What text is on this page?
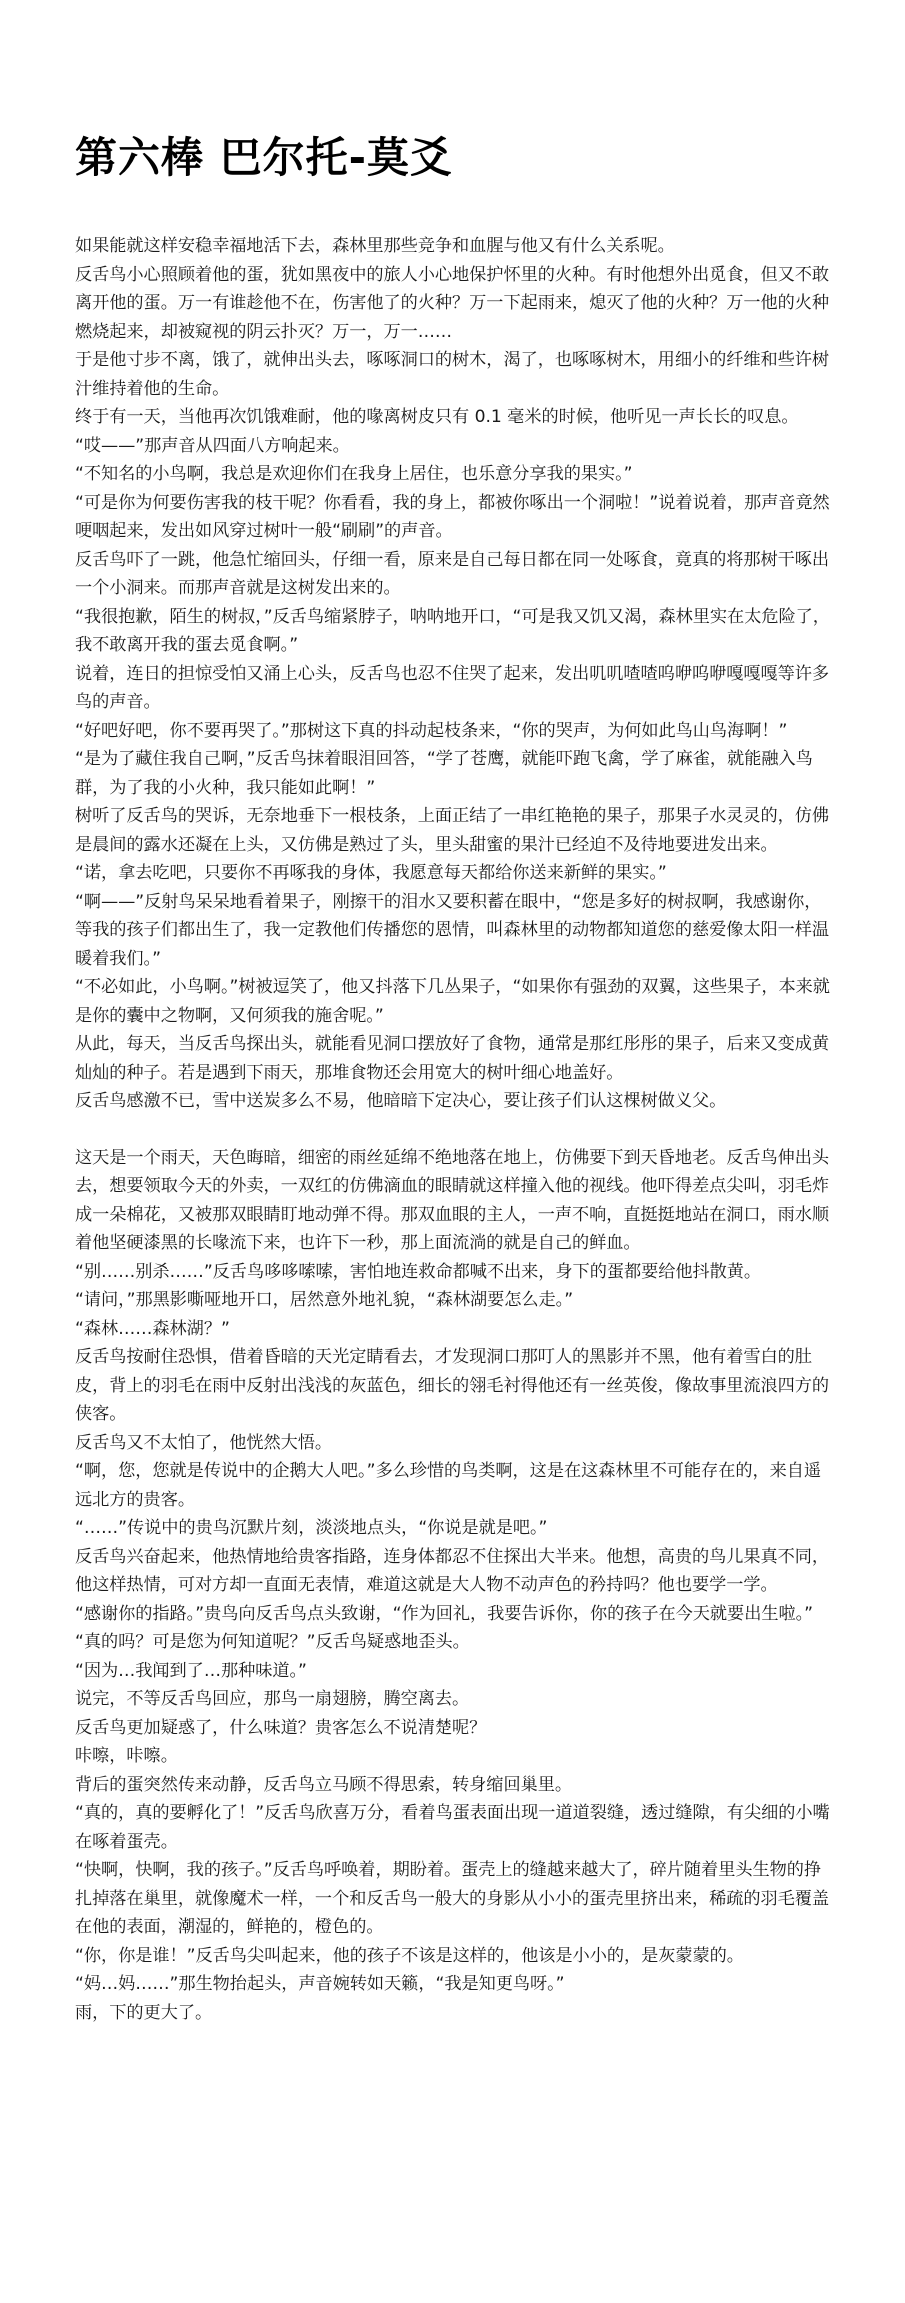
第六棒 巴尔托-莫爻

如果能就这样安稳幸福地活下去，森林里那些竞争和血腥与他又有什么关系呢。

反舌鸟小心照顾着他的蛋，犹如黑夜中的旅人小心地保护怀里的火种。有时他想外出觅食，但又不敢离开他的蛋。万一有谁趁他不在，伤害他了的火种？万一下起雨来，熄灭了他的火种？万一他的火种燃烧起来，却被窥视的阴云扑灭？万一，万一……

于是他寸步不离，饿了，就伸出头去，啄啄洞口的树木，渴了，也啄啄树木，用细小的纤维和些许树汁维持着他的生命。

终于有一天，当他再次饥饿难耐，他的喙离树皮只有 0.1 毫米的时候，他听见一声长长的叹息。

“哎——”那声音从四面八方响起来。

“不知名的小鸟啊，我总是欢迎你们在我身上居住，也乐意分享我的果实。”

“可是你为何要伤害我的枝干呢？你看看，我的身上，都被你啄出一个洞啦！”说着说着，那声音竟然哽咽起来，发出如风穿过树叶一般“刷刷”的声音。

反舌鸟吓了一跳，他急忙缩回头，仔细一看，原来是自己每日都在同一处啄食，竟真的将那树干啄出一个小洞来。而那声音就是这树发出来的。

“我很抱歉，陌生的树叔，”反舌鸟缩紧脖子，呐呐地开口，“可是我又饥又渴，森林里实在太危险了，我不敢离开我的蛋去觅食啊。”

说着，连日的担惊受怕又涌上心头，反舌鸟也忍不住哭了起来，发出叽叽喳喳呜咿呜咿嘎嘎嘎等许多鸟的声音。

“好吧好吧，你不要再哭了。”那树这下真的抖动起枝条来，“你的哭声，为何如此鸟山鸟海啊！”

“是为了藏住我自己啊，”反舌鸟抹着眼泪回答，“学了苍鹰，就能吓跑飞禽，学了麻雀，就能融入鸟群，为了我的小火种，我只能如此啊！”

树听了反舌鸟的哭诉，无奈地垂下一根枝条，上面正结了一串红艳艳的果子，那果子水灵灵的，仿佛是晨间的露水还凝在上头，又仿佛是熟过了头，里头甜蜜的果汁已经迫不及待地要进发出来。

“诺，拿去吃吧，只要你不再啄我的身体，我愿意每天都给你送来新鲜的果实。”

“啊——”反射鸟呆呆地看着果子，刚擦干的泪水又要积蓄在眼中，“您是多好的树叔啊，我感谢你，等我的孩子们都出生了，我一定教他们传播您的恩情，叫森林里的动物都知道您的慈爱像太阳一样温暖着我们。”

“不必如此，小鸟啊。”树被逗笑了，他又抖落下几丛果子，“如果你有强劲的双翼，这些果子，本来就是你的囊中之物啊，又何须我的施舍呢。”

从此，每天，当反舌鸟探出头，就能看见洞口摆放好了食物，通常是那红彤彤的果子，后来又变成黄灿灿的种子。若是遇到下雨天，那堆食物还会用宽大的树叶细心地盖好。

反舌鸟感激不已，雪中送炭多么不易，他暗暗下定决心，要让孩子们认这棵树做义父。

这天是一个雨天，天色晦暗，细密的雨丝延绵不绝地落在地上，仿佛要下到天昏地老。反舌鸟伸出头去，想要领取今天的外卖，一双红的仿佛滴血的眼睛就这样撞入他的视线。他吓得差点尖叫，羽毛炸成一朵棉花，又被那双眼睛盯地动弹不得。那双血眼的主人，一声不响，直挺挺地站在洞口，雨水顺着他坚硬漆黑的长喙流下来，也许下一秒，那上面流淌的就是自己的鲜血。

“别……别杀……”反舌鸟哆哆嗦嗦，害怕地连救命都喊不出来，身下的蛋都要给他抖散黄。

“请问，”那黑影嘶哑地开口，居然意外地礼貌，“森林湖要怎么走。”

“森林……森林湖？”

反舌鸟按耐住恐惧，借着昏暗的天光定睛看去，才发现洞口那叮人的黑影并不黑，他有着雪白的肚皮，背上的羽毛在雨中反射出浅浅的灰蓝色，细长的翎毛衬得他还有一丝英俊，像故事里流浪四方的侠客。

反舌鸟又不太怕了，他恍然大悟。

“啊，您，您就是传说中的企鹅大人吧。”多么珍惜的鸟类啊，这是在这森林里不可能存在的，来自遥远北方的贵客。

“……”传说中的贵鸟沉默片刻，淡淡地点头，“你说是就是吧。”

反舌鸟兴奋起来，他热情地给贵客指路，连身体都忍不住探出大半来。他想，高贵的鸟儿果真不同，他这样热情，可对方却一直面无表情，难道这就是大人物不动声色的矜持吗？他也要学一学。

“感谢你的指路。”贵鸟向反舌鸟点头致谢，“作为回礼，我要告诉你，你的孩子在今天就要出生啦。”

“真的吗？可是您为何知道呢？”反舌鸟疑惑地歪头。

“因为…我闻到了…那种味道。”

说完，不等反舌鸟回应，那鸟一扇翅膀，腾空离去。

反舌鸟更加疑惑了，什么味道？贵客怎么不说清楚呢？

咔嚓，咔嚓。

背后的蛋突然传来动静，反舌鸟立马顾不得思索，转身缩回巢里。

“真的，真的要孵化了！”反舌鸟欣喜万分，看着鸟蛋表面出现一道道裂缝，透过缝隙，有尖细的小嘴在啄着蛋壳。

“快啊，快啊，我的孩子。”反舌鸟呼唤着，期盼着。蛋壳上的缝越来越大了，碎片随着里头生物的挣扎掉落在巢里，就像魔术一样，一个和反舌鸟一般大的身影从小小的蛋壳里挤出来，稀疏的羽毛覆盖在他的表面，潮湿的，鲜艳的，橙色的。

“你，你是谁！”反舌鸟尖叫起来，他的孩子不该是这样的，他该是小小的，是灰蒙蒙的。

“妈…妈……”那生物抬起头，声音婉转如天籁，“我是知更鸟呀。”

雨，下的更大了。
